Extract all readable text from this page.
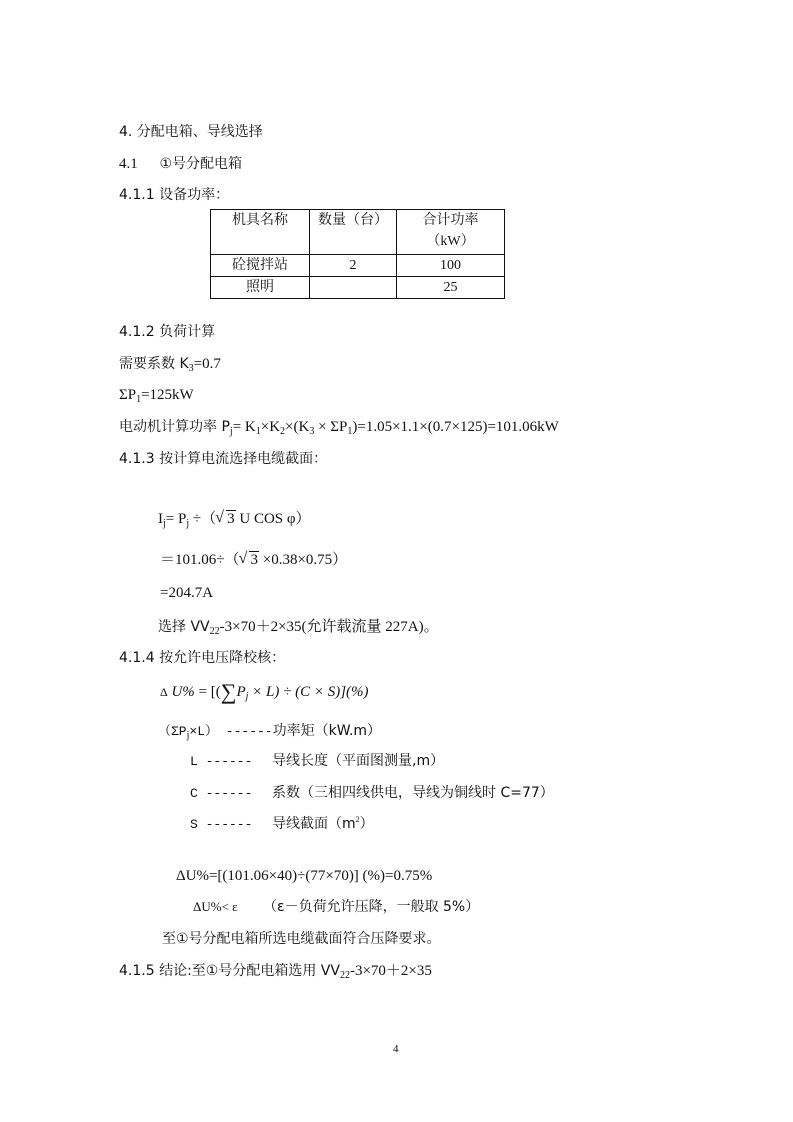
4. 分配电箱、导线选择
4.1 ①号分配电箱
4.1.1 设备功率：
机具名称	数量（台）	合计功率
（kW）

砼搅拌站	2	100
照明		25
4.1.2 负荷计算
需要系数 $K_3=0.7$
$\Sigma P_1=125kW$
电动机计算功率 $P_j= K_1\times K_2\times(K_3 \times \Sigma P_1)=1.05\times 1.1\times(0.7\times 125)=101.06kW$
4.1.3 按计算电流选择电缆截面：
$I_j= P_j$ ÷（ √ 3 U COS φ）
＝101.06÷（ √ 3 ×0.38×0.75）
=204.7A
选择 $VV_{22}-3\times 70+2\times 35$(允许载流量 227A)。
4.1.4 按允许电压降校核：
Δ $U\% = [(\sum P_j \times L) \div (C \times S)](\%)$
$(\Sigma P_j\times L)$ ------功率矩（kW.m）
L ------ 导线长度（平面图测量,m）
C ------ 系数（三相四线供电，导线为铜线时 C=77）
S ------ 导线截面$(m^2)$
ΔU%=[(101.06×40)÷(77×70)] (%)=0.75%
ΔU%< ε （ε－负荷允许压降，一般取 5%）
至①号分配电箱所选电缆截面符合压降要求。
4.1.5 结论:至①号分配电箱选用 $VV_{22}-3\times 70+2\times 35$
4
